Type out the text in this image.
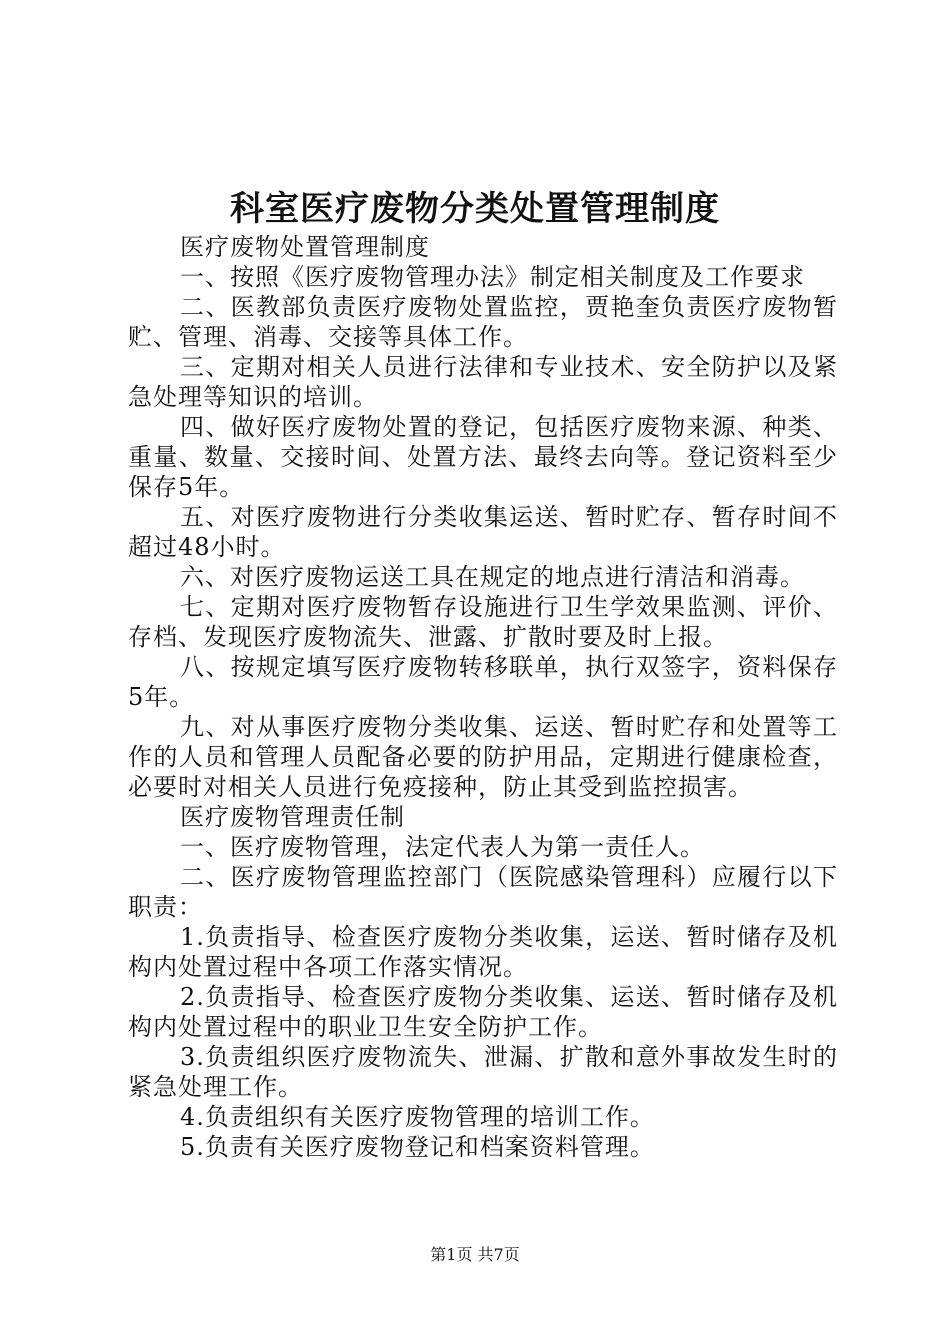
科室医疗废物分类处置管理制度

医疗废物处置管理制度

一、按照《医疗废物管理办法》制定相关制度及工作要求

二、医教部负责医疗废物处置监控，贾艳奎负责医疗废物暂贮、管理、消毒、交接等具体工作。

三、定期对相关人员进行法律和专业技术、安全防护以及紧急处理等知识的培训。

四、做好医疗废物处置的登记，包括医疗废物来源、种类、重量、数量、交接时间、处置方法、最终去向等。登记资料至少保存5年。

五、对医疗废物进行分类收集运送、暂时贮存、暂存时间不超过48小时。

六、对医疗废物运送工具在规定的地点进行清洁和消毒。

七、定期对医疗废物暂存设施进行卫生学效果监测、评价、存档、发现医疗废物流失、泄露、扩散时要及时上报。

八、按规定填写医疗废物转移联单，执行双签字，资料保存5年。

九、对从事医疗废物分类收集、运送、暂时贮存和处置等工作的人员和管理人员配备必要的防护用品，定期进行健康检查，必要时对相关人员进行免疫接种，防止其受到监控损害。

医疗废物管理责任制

一、医疗废物管理，法定代表人为第一责任人。

二、医疗废物管理监控部门（医院感染管理科）应履行以下职责：

1.负责指导、检查医疗废物分类收集，运送、暂时储存及机构内处置过程中各项工作落实情况。

2.负责指导、检查医疗废物分类收集、运送、暂时储存及机构内处置过程中的职业卫生安全防护工作。

3.负责组织医疗废物流失、泄漏、扩散和意外事故发生时的紧急处理工作。

4.负责组织有关医疗废物管理的培训工作。

5.负责有关医疗废物登记和档案资料管理。

第1页 共7页
